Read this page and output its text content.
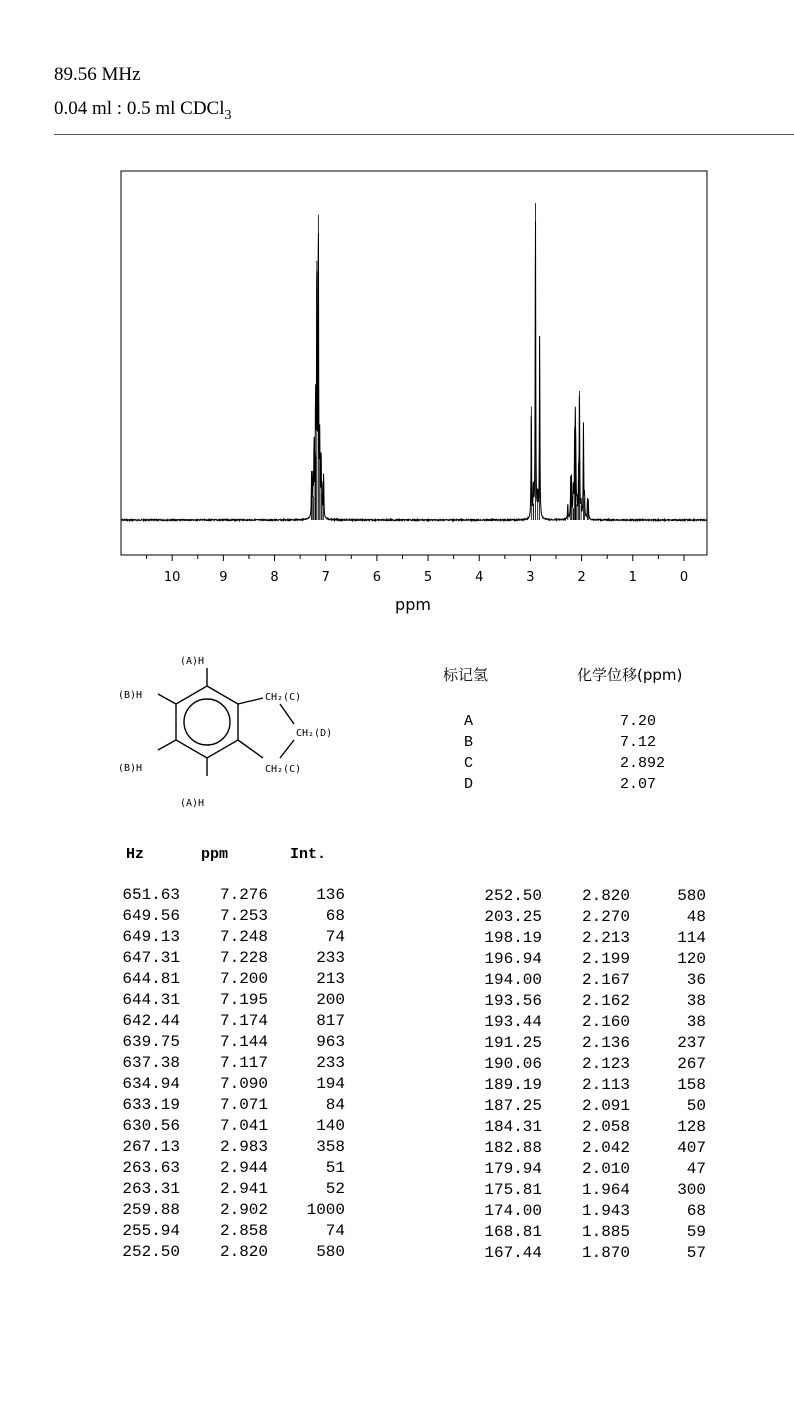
89.56 MHz
0.04 ml : 0.5 ml CDCl$_3$
10	9	8	7	6	5	4	3	2	1	0
ppm
(A)H
(A)H
(B)H
(B)H
CH₂(C)
CH₂(D)
CH₂(C)
标记氢	化学位移(ppm)
A	7.20
B	7.12
C	2.892
D	2.07
Hz	ppm	Int.
651.63	7.276	136
649.56	7.253	68
649.13	7.248	74
647.31	7.228	233
644.81	7.200	213
644.31	7.195	200
642.44	7.174	817
639.75	7.144	963
637.38	7.117	233
634.94	7.090	194
633.19	7.071	84
630.56	7.041	140
267.13	2.983	358
263.63	2.944	51
263.31	2.941	52
259.88	2.902	1000
255.94	2.858	74
252.50	2.820	580
252.50	2.820	580
203.25	2.270	48
198.19	2.213	114
196.94	2.199	120
194.00	2.167	36
193.56	2.162	38
193.44	2.160	38
191.25	2.136	237
190.06	2.123	267
189.19	2.113	158
187.25	2.091	50
184.31	2.058	128
182.88	2.042	407
179.94	2.010	47
175.81	1.964	300
174.00	1.943	68
168.81	1.885	59
167.44	1.870	57
